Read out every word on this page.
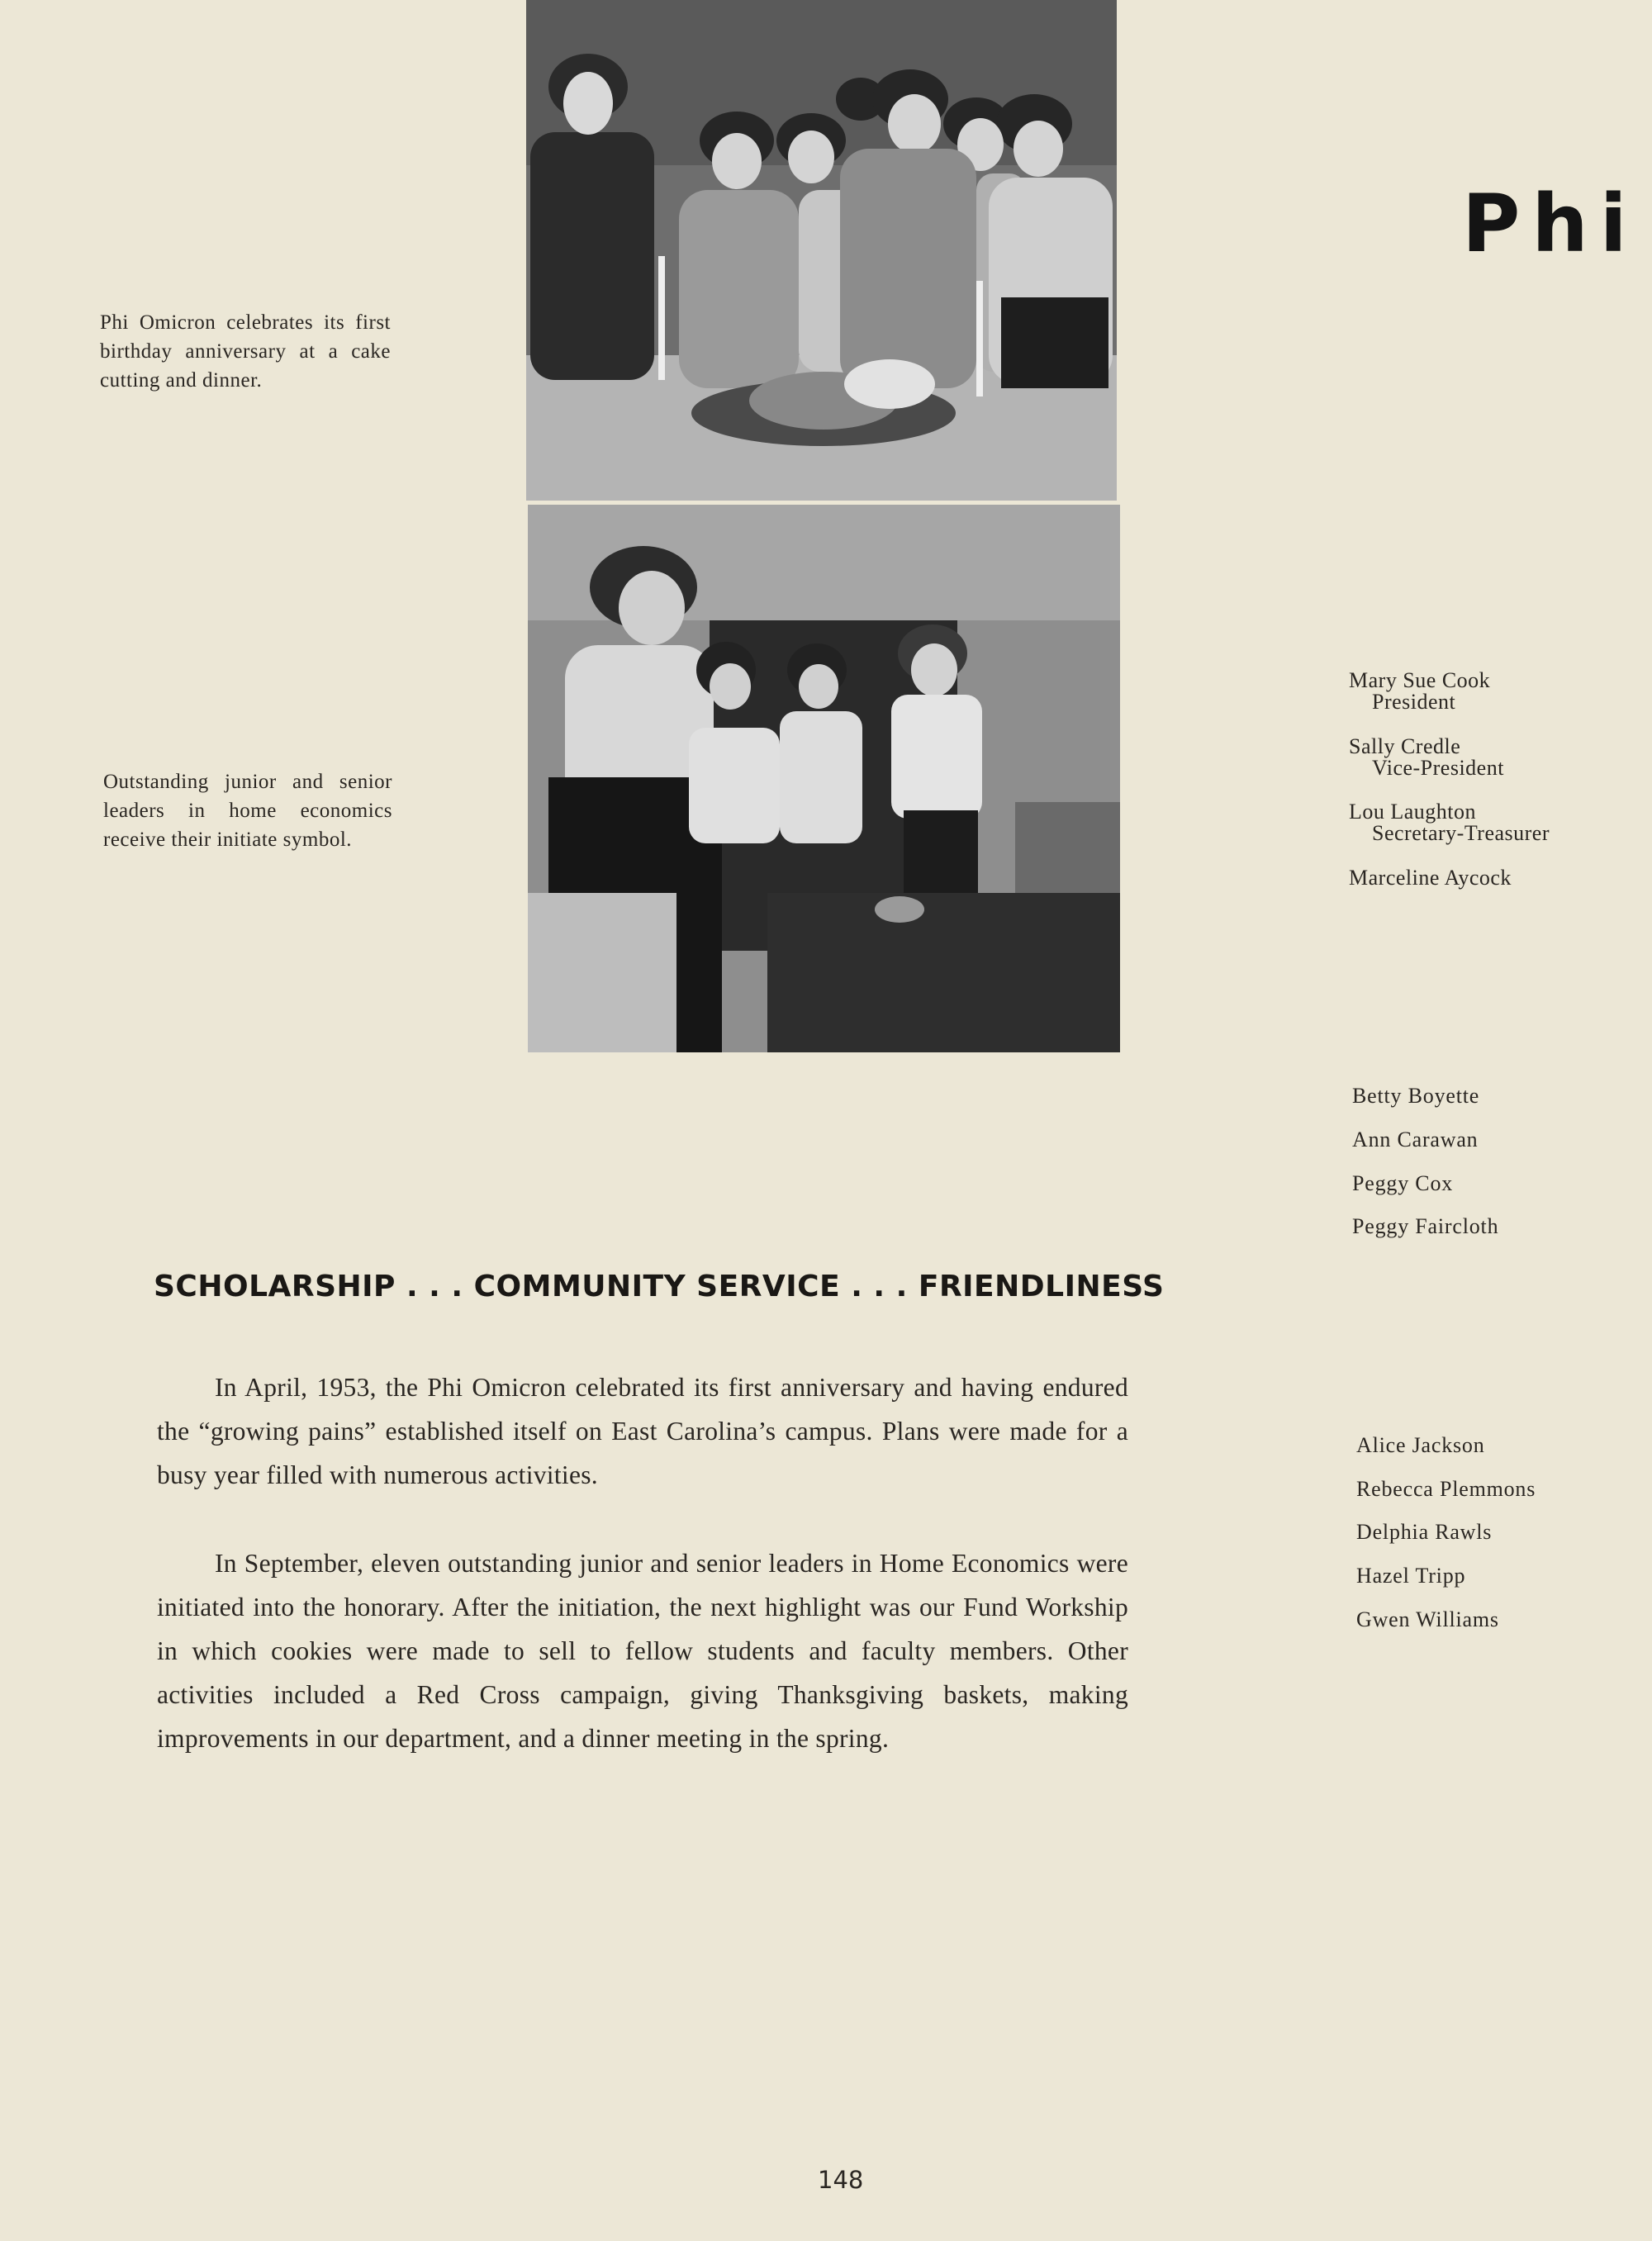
Phi Omicron celebrates its first birthday anniversary at a cake cutting and dinner.

Outstanding junior and senior leaders in home economics receive their initiate symbol.

Phi
Mary Sue Cook
President
Sally Credle
Vice-President
Lou Laughton
Secretary-Treasurer
Marceline Aycock
Betty Boyette
Ann Carawan
Peggy Cox
Peggy Faircloth
Alice Jackson
Rebecca Plemmons
Delphia Rawls
Hazel Tripp
Gwen Williams
SCHOLARSHIP . . . COMMUNITY SERVICE . . . FRIENDLINESS

In April, 1953, the Phi Omicron celebrated its first anniversary and having endured the “growing pains” established itself on East Carolina’s campus. Plans were made for a busy year filled with numerous activities.

In September, eleven outstanding junior and senior leaders in Home Economics were initiated into the honorary. After the initiation, the next highlight was our Fund Workship in which cookies were made to sell to fellow students and faculty members. Other activities included a Red Cross campaign, giving Thanksgiving baskets, making improvements in our department, and a dinner meeting in the spring.

148
